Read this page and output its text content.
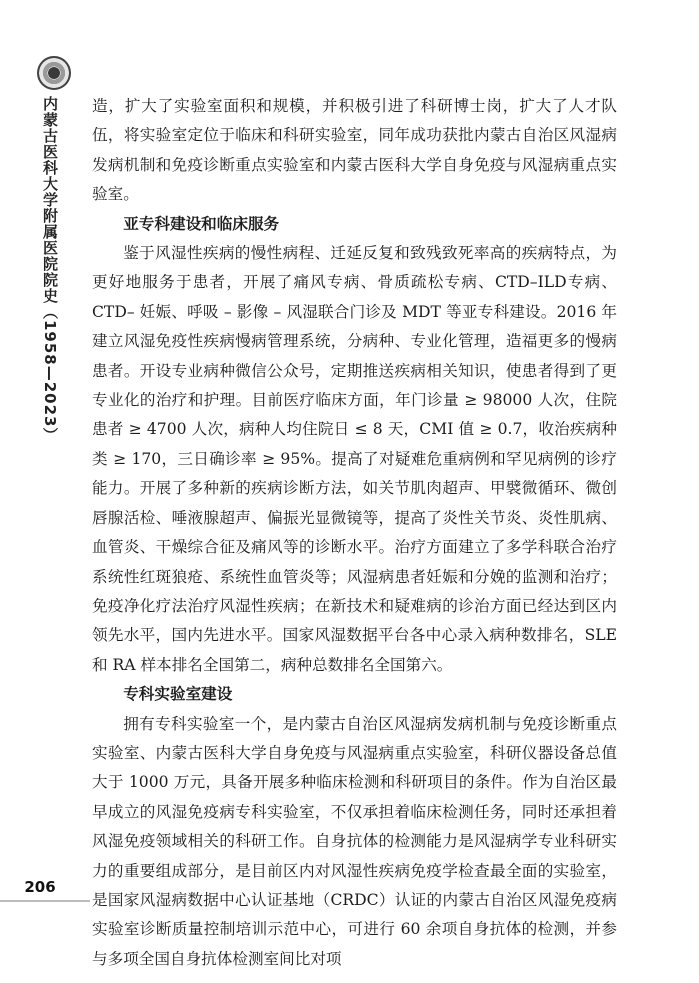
内蒙古医科大学附属医院院史（1958—2023）
206

造，扩大了实验室面积和规模，并积极引进了科研博士岗，扩大了人才队伍，将实验室定位于临床和科研实验室，同年成功获批内蒙古自治区风湿病发病机制和免疫诊断重点实验室和内蒙古医科大学自身免疫与风湿病重点实验室。

亚专科建设和临床服务

鉴于风湿性疾病的慢性病程、迁延反复和致残致死率高的疾病特点，为更好地服务于患者，开展了痛风专病、骨质疏松专病、CTD–ILD专病、CTD– 妊娠、呼吸 – 影像 – 风湿联合门诊及 MDT 等亚专科建设。2016 年建立风湿免疫性疾病慢病管理系统，分病种、专业化管理，造福更多的慢病患者。开设专业病种微信公众号，定期推送疾病相关知识，使患者得到了更专业化的治疗和护理。目前医疗临床方面，年门诊量 ≥ 98000 人次，住院患者 ≥ 4700 人次，病种人均住院日 ≤ 8 天，CMI 值 ≥ 0.7，收治疾病种类 ≥ 170，三日确诊率 ≥ 95%。提高了对疑难危重病例和罕见病例的诊疗能力。开展了多种新的疾病诊断方法，如关节肌肉超声、甲襞微循环、微创唇腺活检、唾液腺超声、偏振光显微镜等，提高了炎性关节炎、炎性肌病、血管炎、干燥综合征及痛风等的诊断水平。治疗方面建立了多学科联合治疗系统性红斑狼疮、系统性血管炎等；风湿病患者妊娠和分娩的监测和治疗；免疫净化疗法治疗风湿性疾病；在新技术和疑难病的诊治方面已经达到区内领先水平，国内先进水平。国家风湿数据平台各中心录入病种数排名，SLE 和 RA 样本排名全国第二，病种总数排名全国第六。

专科实验室建设

拥有专科实验室一个，是内蒙古自治区风湿病发病机制与免疫诊断重点实验室、内蒙古医科大学自身免疫与风湿病重点实验室，科研仪器设备总值大于 1000 万元，具备开展多种临床检测和科研项目的条件。作为自治区最早成立的风湿免疫病专科实验室，不仅承担着临床检测任务，同时还承担着风湿免疫领域相关的科研工作。自身抗体的检测能力是风湿病学专业科研实力的重要组成部分，是目前区内对风湿性疾病免疫学检查最全面的实验室，是国家风湿病数据中心认证基地（CRDC）认证的内蒙古自治区风湿免疫病实验室诊断质量控制培训示范中心，可进行 60 余项自身抗体的检测，并参与多项全国自身抗体检测室间比对项
